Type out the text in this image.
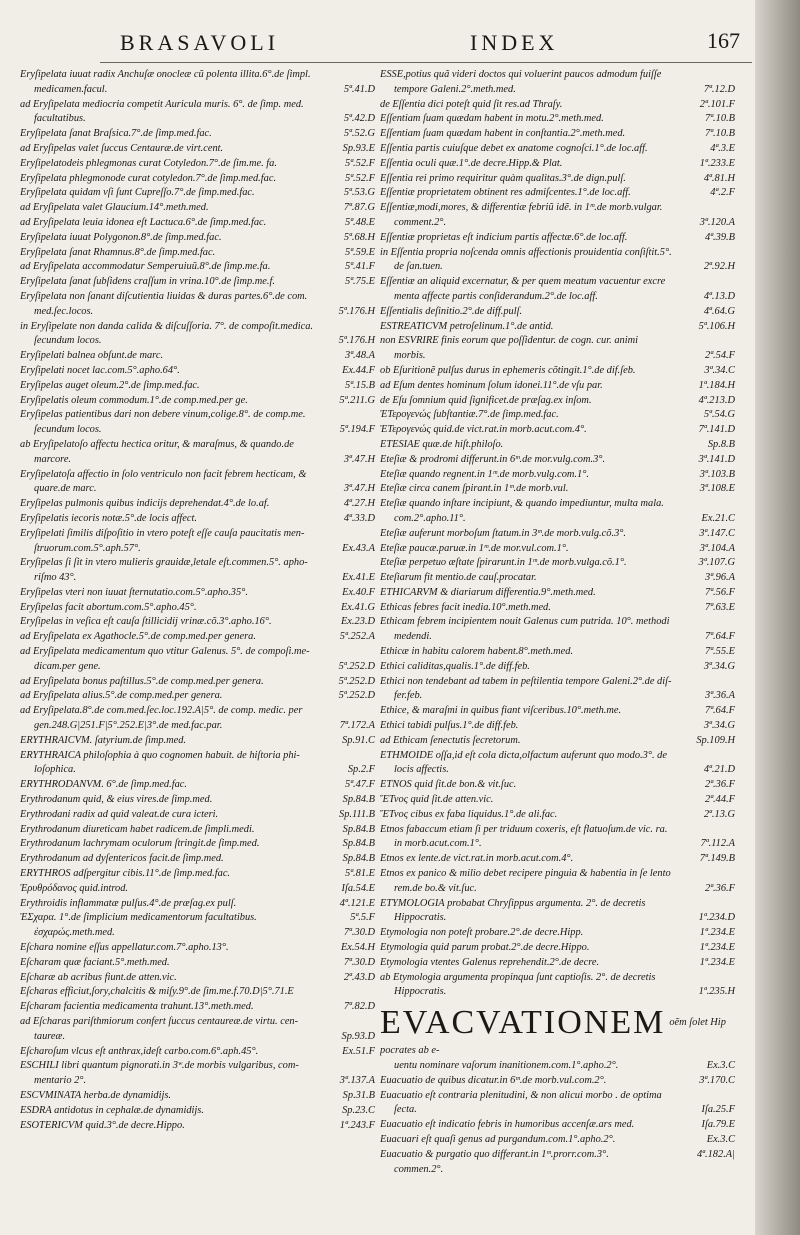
BRASAVOLI	INDEX	167
Eryſipelata iuuat radix Anchuſæ onocleæ cũ polenta illita.6°.de ſimpl.
medicamen.facul.	5ª.41.D
ad Eryſipelata mediocria competit Auricula muris. 6°. de ſimp. med.
facultatibus.	5ª.42.D
Eryſipelata ſanat Braſsica.7°.de ſimp.med.fac.	5ª.52.G
ad Eryſipelas valet ſuccus Centauræ.de virt.cent.	Sp.93.E
Eryſipelatodeis phlegmonas curat Cotyledon.7°.de ſim.me. fa.	5ª.52.F
Eryſipelata phlegmonode curat cotyledon.7°.de ſimp.med.fac.	5ª.52.F
Eryſipelata quidam vſi ſunt Cupreſſo.7°.de ſimp.med.fac.	5ª.53.G
ad Eryſipelata valet Glaucium.14°.meth.med.	7ª.87.G
ad Eryſipelata leuia idonea eſt Lactuca.6°.de ſimp.med.fac.	5ª.48.E
Eryſipelata iuuat Polygonon.8°.de ſimp.med.fac.	5ª.68.H
Eryſipelata ſanat Rhamnus.8°.de ſimp.med.fac.	5ª.59.E
ad Eryſipelata accommodatur Semperuiuũ.8°.de ſimp.me.fa.	5ª.41.F
Eryſipelata ſanat ſubſidens craſſum in vrina.10°.de ſimp.me.f.	5ª.75.E
Eryſipelata non ſanant diſcutientia liuidas & duras partes.6°.de com.
med.ſec.locos.	5ª.176.H
in Eryſipelate non danda calida & diſcuſſoria. 7°. de compoſit.medica.
ſecundum locos.	5ª.176.H
Eryſipelati balnea obſunt.de marc.	3ª.48.A
Eryſipelati nocet lac.com.5°.apho.64°.	Ex.44.F
Eryſipelas auget oleum.2°.de ſimp.med.fac.	5ª.15.B
Eryſipelatis oleum commodum.1°.de comp.med.per ge.	5ª.211.G
Eryſipelas patientibus dari non debere vinum,colige.8°. de comp.me.
ſecundum locos.	5ª.194.F
ab Eryſipelatoſo affectu hectica oritur, & maraſmus, & quando.de
marcore.	3ª.47.H
Eryſipelatoſa affectio in ſolo ventriculo non facit febrem hecticam, &
quare.de marc.	3ª.47.H
Eryſipelas pulmonis quibus indicijs deprehendat.4°.de lo.af.	4ª.27.H
Eryſipelatis iecoris notæ.5°.de locis affect.	4ª.33.D
Eryſipelati ſimilis diſpoſitio in vtero poteſt eſſe cauſa paucitatis men-
ſtruorum.com.5°.aph.57°.	Ex.43.A
Eryſipelas ſi ſit in vtero mulieris grauidæ,letale eſt.commen.5°. apho-
riſmo 43°.	Ex.41.E
Eryſipelas vteri non iuuat ſternutatio.com.5°.apho.35°.	Ex.40.F
Eryſipelas facit abortum.com.5°.apho.45°.	Ex.41.G
Eryſipelas in veſica eſt cauſa ſtillicidij vrinæ.cõ.3°.apho.16°.	Ex.23.D
ad Eryſipelata ex Agathocle.5°.de comp.med.per genera.	5ª.252.A
ad Eryſipelata medicamentum quo vtitur Galenus. 5°. de compoſi.me-
dicam.per gene.	5ª.252.D
ad Eryſipelata bonus paſtillus.5°.de comp.med.per genera.	5ª.252.D
ad Eryſipelata alius.5°.de comp.med.per genera.	5ª.252.D
ad Eryſipelata.8°.de com.med.ſec.loc.192.A|5°. de comp. medic. per
gen.248.G|251.F|5°.252.E|3°.de med.fac.par.	7ª.172.A
ERYTHRAICVM. ſatyrium.de ſimp.med.	Sp.91.C
ERYTHRAICA philoſophia à quo cognomen habuit. de hiſtoria phi-
loſophica.	Sp.2.F
ERYTHRODANVM. 6°.de ſimp.med.fac.	5ª.47.F
Erythrodanum quid, & eius vires.de ſimp.med.	Sp.84.B
Erythrodani radix ad quid valeat.de cura icteri.	Sp.111.B
Erythrodanum diureticam habet radicem.de ſimpli.medi.	Sp.84.B
Erythrodanum lachrymam oculorum ſtringit.de ſimp.med.	Sp.84.B
Erythrodanum ad dyſentericos facit.de ſimp.med.	Sp.84.B
ERYTHROS adſpergitur cibis.11°.de ſimp.med.fac.	5ª.81.E
Ἐρυθρόδανος quid.introd.	Iſa.54.E
Erythroidis inflammatæ pulſus.4°.de præſag.ex pulſ.	4ª.121.E
ἘΣχαρα. 1°.de ſimplicium medicamentorum facultatibus.	5ª.5.F
ἐσχαρώς.meth.med.	7ª.30.D
Eſchara nomine eſſus appellatur.com.7°.apho.13°.	Ex.54.H
Eſcharam quæ faciant.5°.meth.med.	7ª.30.D
Eſcharæ ab acribus fiunt.de atten.vic.	2ª.43.D
Eſcharas efficiut,ſory,chalcitis & miſy.9°.de ſim.me.f.70.D|5°.71.E
Eſcharam facientia medicamenta trahunt.13°.meth.med.	7ª.82.D
ad Eſcharas pariſthmiorum confert ſuccus centaureæ.de virtu. cen-
taureæ.	Sp.93.D
Eſcharoſum vlcus eſt anthrax,ideſt carbo.com.6°.aph.45°.	Ex.51.F
ESCHILI libri quantum pignorati.in 3ʷ.de morbis vulgaribus, com-
mentario 2°.	3ª.137.A
ESCVMINATA herba.de dynamidijs.	Sp.31.B
ESDRA antidotus in cephalæ.de dynamidijs.	Sp.23.C
ESOTERICVM quid.3°.de decre.Hippo.	1ª.243.F
ESSE,potius quã videri doctos qui voluerint paucos admodum fuiſſe
tempore Galeni.2°.meth.med.	7ª.12.D
de Eſſentia dici poteſt quid ſit res.ad Thraſy.	2ª.101.F
Eſſentiam ſuam quædam habent in motu.2°.meth.med.	7ª.10.B
Eſſentiam ſuam quædam habent in conſtantia.2°.meth.med.	7ª.10.B
Eſſentia partis cuiuſque debet ex anatome cognoſci.1°.de loc.aff.	4ª.3.E
Eſſentia oculi quæ.1°.de decre.Hipp.& Plat.	1ª.233.E
Eſſentia rei primo requiritur quàm qualitas.3°.de dign.pulſ.	4ª.81.H
Eſſentiæ proprietatem obtinent res admiſcentes.1°.de loc.aff.	4ª.2.F
Eſſentiæ,modi,mores, & differentiæ febriũ idẽ. in 1ᵐ.de morb.vulgar.
comment.2°.	3ª.120.A
Eſſentiæ proprietas eſt indicium partis affectæ.6°.de loc.aff.	4ª.39.B
in Eſſentia propria noſcenda omnis affectionis prouidentia conſiſtit.5°.
de ſan.tuen.	2ª.92.H
Eſſentiæ an aliquid excernatur, & per quem meatum vacuentur excre
menta affecte partis conſiderandum.2°.de loc.aff.	4ª.13.D
Eſſentialis deſinitio.2°.de diff.pulſ.	4ª.64.G
ESTREATICVM petroſelinum.1°.de antid.	5ª.106.H
non ESVRIRE finis eorum que poſſidentur. de cogn. cur. animi
morbis.	2ª.54.F
ob Eſuritionẽ pulſus durus in ephemeris cõtingit.1°.de dif.ſeb.	3ª.34.C
ad Eſum dentes hominum ſolum idonei.11°.de vſu par.	1ª.184.H
de Eſu ſomnium quid ſignificet.de præſag.ex inſom.	4ª.213.D
ἘΤερογενώς ſubſtantiæ.7°.de ſimp.med.fac.	5ª.54.G
ἘΤερογενώς quid.de vict.rat.in morb.acut.com.4°.	7ª.141.D
ETESIAE quæ.de hiſt.philoſo.	Sp.8.B
Eteſiæ & prodromi differunt.in 6ᵐ.de mor.vulg.com.3°.	3ª.141.D
Eteſiæ quando regnent.in 1ᵐ.de morb.vulg.com.1°.	3ª.103.B
Eteſiæ circa canem ſpirant.in 1ᵐ.de morb.vul.	3ª.108.E
Eteſiæ quando inſtare incipiunt, & quando impediuntur, multa mala.
com.2°.apho.11°.	Ex.21.C
Eteſiæ auferunt morboſum ſtatum.in 3ᵐ.de morb.vulg.cõ.3°.	3ª.147.C
Eteſiæ paucæ.paruæ.in 1ᵐ.de mor.vul.com.1°.	3ª.104.A
Eteſiæ perpetuo æſtate ſpirarunt.in 1ᵐ.de morb.vulga.cõ.1°.	3ª.107.G
Eteſiarum fit mentio.de cauſ.procatar.	3ª.96.A
ETHICARVM & diariarum differentia.9°.meth.med.	7ª.56.F
Ethicas febres facit inedia.10°.meth.med.	7ª.63.E
Ethicam febrem incipientem nouit Galenus cum putrida. 10°. methodi
medendi.	7ª.64.F
Ethicæ in habitu calorem habent.8°.meth.med.	7ª.55.E
Ethici caliditas,qualis.1°.de diff.feb.	3ª.34.G
Ethici non tendebant ad tabem in peſtilentia tempore Galeni.2°.de diſ-
fer.feb.	3ª.36.A
Ethice, & maraſmi in quibus fiant viſceribus.10°.meth.me.	7ª.64.F
Ethici tabidi pulſus.1°.de diff.feb.	3ª.34.G
ad Ethicam ſenectutis ſecretorum.	Sp.109.H
ETHMOIDE oſſa,id eſt cola dicta,olfactum auferunt quo modo.3°. de
locis affectis.	4ª.21.D
ETNOS quid ſit.de bon.& vit.ſuc.	2ª.36.F
ἜΤνος quid ſit.de atten.vic.	2ª.44.F
ἜΤνος cibus ex faba liquidus.1°.de ali.fac.	2ª.13.G
Etnos fabaccum etiam ſi per triduum coxeris, eſt flatuoſum.de vic. ra.
in morb.acut.com.1°.	7ª.112.A
Etnos ex lente.de vict.rat.in morb.acut.com.4°.	7ª.149.B
Etnos ex panico & milio debet recipere pinguia & habentia in ſe lento
rem.de bo.& vit.ſuc.	2ª.36.F
ETYMOLOGIA probabat Chryſippus argumenta. 2°. de decretis
Hippocratis.	1ª.234.D
Etymologia non poteſt probare.2°.de decre.Hipp.	1ª.234.E
Etymologia quid parum probat.2°.de decre.Hippo.	1ª.234.E
Etymologia vtentes Galenus reprehendit.2°.de decre.	1ª.234.E
ab Etymologia argumenta propinqua ſunt captioſis. 2°. de decretis
Hippocratis.	1ª.235.H
EVACVATIONEM $^{oẽm ſolet Hip}$
pocrates ab e-
uentu nominare vaſorum inanitionem.com.1°.apho.2°.	Ex.3.C
Euacuatio de quibus dicatur.in 6ᵐ.de morb.vul.com.2°.	3ª.170.C
Euacuatio eſt contraria plenitudini, & non alicui morbo . de optima
ſecta.	Iſa.25.F
Euacuatio eſt indicatio febris in humoribus accenſæ.ars med.	Iſa.79.E
Euacuari eſt quaſi genus ad purgandum.com.1°.apho.2°.	Ex.3.C
Euacuatio & purgatio quo differant.in 1ᵐ.prorr.com.3°.	4ª.182.A|
commen.2°.
